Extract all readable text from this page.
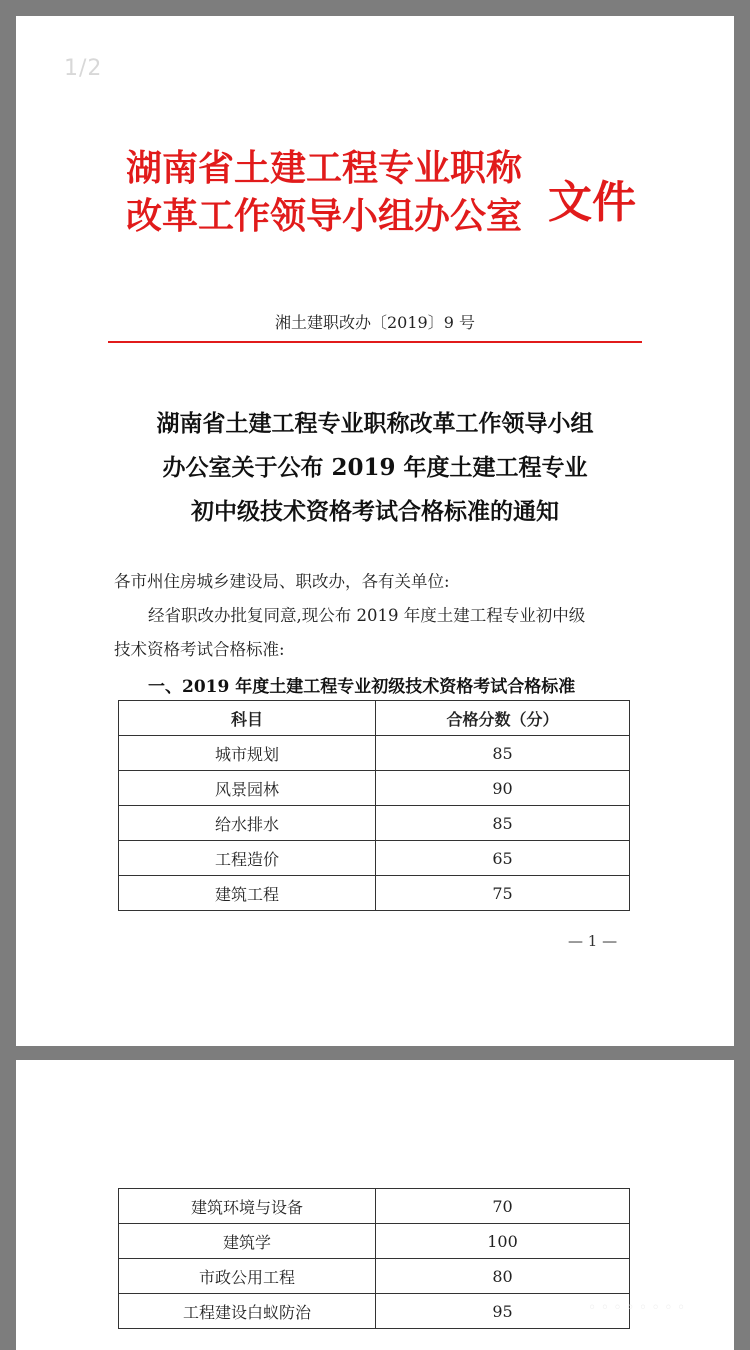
1/2
湖南省土建工程专业职称
改革工作领导小组办公室 文件
湘土建职改办〔2019〕9 号
湖南省土建工程专业职称改革工作领导小组
办公室关于公布 2019 年度土建工程专业
初中级技术资格考试合格标准的通知
各市州住房城乡建设局、职改办，各有关单位:
经省职改办批复同意,现公布 2019 年度土建工程专业初中级
技术资格考试合格标准:
一、2019 年度土建工程专业初级技术资格考试合格标准
科目	合格分数（分）
城市规划	85
风景园林	90
给水排水	85
工程造价	65
建筑工程	75
— 1 —
建筑环境与设备	70
建筑学	100
市政公用工程	80
工程建设白蚁防治	95	◦ ◦ ◦ ◦ ◦ ◦ ◦ ◦
